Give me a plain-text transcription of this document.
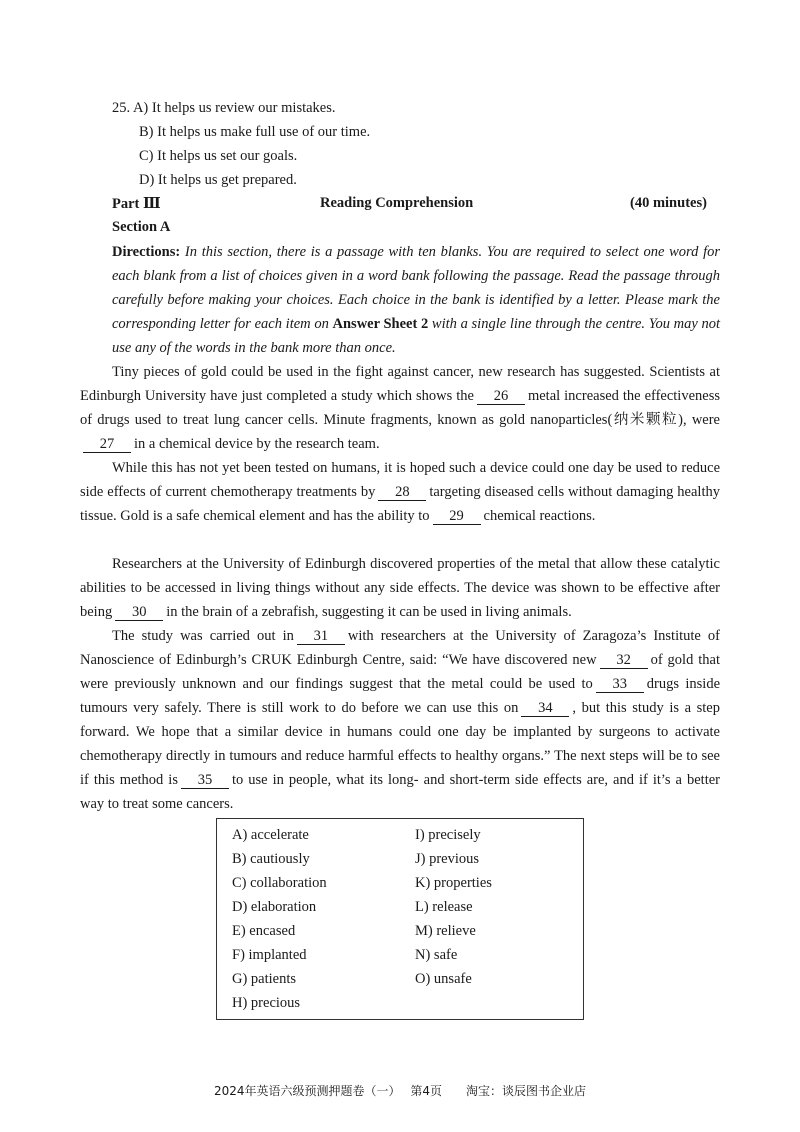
25. A) It helps us review our mistakes.
B) It helps us make full use of our time.
C) It helps us set our goals.
D) It helps us get prepared.
Part Ⅲ	Reading Comprehension	(40 minutes)
Section A
Directions: In this section, there is a passage with ten blanks. You are required to select one word for each blank from a list of choices given in a word bank following the passage. Read the passage through carefully before making your choices. Each choice in the bank is identified by a letter. Please mark the corresponding letter for each item on Answer Sheet 2 with a single line through the centre. You may not use any of the words in the bank more than once.

Tiny pieces of gold could be used in the fight against cancer, new research has suggested. Scientists at Edinburgh University have just completed a study which shows the 26 metal increased the effectiveness of drugs used to treat lung cancer cells. Minute fragments, known as gold nanoparticles(纳米颗粒), were27 in a chemical device by the research team.

While this has not yet been tested on humans, it is hoped such a device could one day be used to reduce side effects of current chemotherapy treatments by 28 targeting diseased cells without damaging healthy tissue. Gold is a safe chemical element and has the ability to 29 chemical reactions.

Researchers at the University of Edinburgh discovered properties of the metal that allow these catalytic abilities to be accessed in living things without any side effects. The device was shown to be effective after being 30 in the brain of a zebrafish, suggesting it can be used in living animals.

The study was carried out in 31 with researchers at the University of Zaragoza’s Institute of Nanoscience of Edinburgh’s CRUK Edinburgh Centre, said: “We have discovered new 32 of gold that were previously unknown and our findings suggest that the metal could be used to 33 drugs inside tumours very safely. There is still work to do before we can use this on 34 , but this study is a step forward. We hope that a similar device in humans could one day be implanted by surgeons to activate chemotherapy directly in tumours and reduce harmful effects to healthy organs.” The next steps will be to see if this method is 35 to use in people, what its long- and short-term side effects are, and if it’s a better way to treat some cancers.

A) accelerate
B) cautiously
C) collaboration
D) elaboration
E) encased
F) implanted
G) patients
H) precious
I) precisely
J) previous
K) properties
L) release
M) relieve
N) safe
O) unsafe
2024年英语六级预测押题卷（一）　 第4页　　淘宝：谈辰图书企业店
